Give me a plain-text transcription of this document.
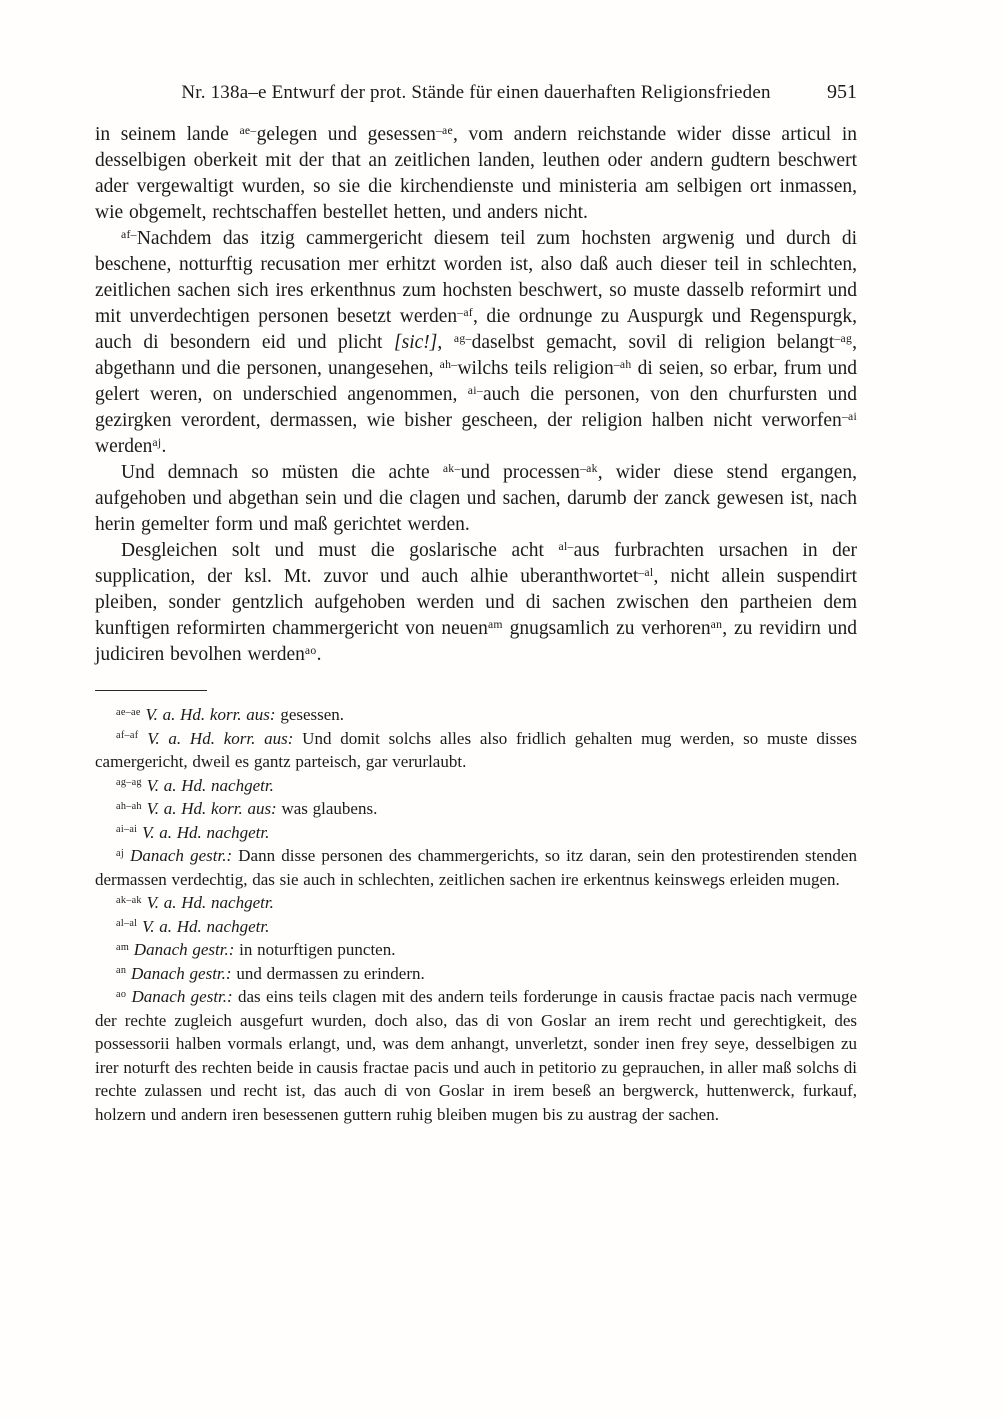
Nr. 138a–e Entwurf der prot. Stände für einen dauerhaften Religionsfrieden	951

in seinem lande $^{ae-}$gelegen und gesessen$^{-ae}$, vom andern reichstande wider disse articul in desselbigen oberkeit mit der that an zeitlichen landen, leuthen oder andern gudtern beschwert ader vergewaltigt wurden, so sie die kirchendienste und ministeria am selbigen ort inmassen, wie obgemelt, rechtschaffen bestellet hetten, und anders nicht.

$^{af-}$Nachdem das itzig cammergericht diesem teil zum hochsten argwenig und durch di beschene, notturftig recusation mer erhitzt worden ist, also daß auch dieser teil in schlechten, zeitlichen sachen sich ires erkenthnus zum hochsten beschwert, so muste dasselb reformirt und mit unverdechtigen personen besetzt werden$^{-af}$, die ordnunge zu Auspurgk und Regenspurgk, auch di besondern eid und plicht [sic!], $^{ag-}$daselbst gemacht, sovil di religion belangt$^{-ag}$, abgethann und die personen, unangesehen, $^{ah-}$wilchs teils religion$^{-ah}$ di seien, so erbar, frum und gelert weren, on underschied angenommen, $^{ai-}$auch die personen, von den churfursten und gezirgken verordent, dermassen, wie bisher gescheen, der religion halben nicht verworfen$^{-ai}$ werden$^{aj}$.

Und demnach so müsten die achte $^{ak-}$und processen$^{-ak}$, wider diese stend ergangen, aufgehoben und abgethan sein und die clagen und sachen, darumb der zanck gewesen ist, nach herin gemelter form und maß gerichtet werden.

Desgleichen solt und must die goslarische acht $^{al-}$aus furbrachten ursachen in der supplication, der ksl. Mt. zuvor und auch alhie uberanthwortet$^{-al}$, nicht allein suspendirt pleiben, sonder gentzlich aufgehoben werden und di sachen zwischen den partheien dem kunftigen reformirten chammergericht von neuen$^{am}$ gnugsamlich zu verhoren$^{an}$, zu revidirn und judiciren bevolhen werden$^{ao}$.

$^{ae-ae}$ V. a. Hd. korr. aus: gesessen.

$^{af-af}$ V. a. Hd. korr. aus: Und domit solchs alles also fridlich gehalten mug werden, so muste disses camergericht, dweil es gantz parteisch, gar verurlaubt.

$^{ag-ag}$ V. a. Hd. nachgetr.

$^{ah-ah}$ V. a. Hd. korr. aus: was glaubens.

$^{ai-ai}$ V. a. Hd. nachgetr.

$^{aj}$ Danach gestr.: Dann disse personen des chammergerichts, so itz daran, sein den protestirenden stenden dermassen verdechtig, das sie auch in schlechten, zeitlichen sachen ire erkentnus keinswegs erleiden mugen.

$^{ak-ak}$ V. a. Hd. nachgetr.

$^{al-al}$ V. a. Hd. nachgetr.

$^{am}$ Danach gestr.: in noturftigen puncten.

$^{an}$ Danach gestr.: und dermassen zu erindern.

$^{ao}$ Danach gestr.: das eins teils clagen mit des andern teils forderunge in causis fractae pacis nach vermuge der rechte zugleich ausgefurt wurden, doch also, das di von Goslar an irem recht und gerechtigkeit, des possessorii halben vormals erlangt, und, was dem anhangt, unverletzt, sonder inen frey seye, desselbigen zu irer noturft des rechten beide in causis fractae pacis und auch in petitorio zu geprauchen, in aller maß solchs di rechte zulassen und recht ist, das auch di von Goslar in irem beseß an bergwerck, huttenwerck, furkauf, holzern und andern iren besessenen guttern ruhig bleiben mugen bis zu austrag der sachen.
